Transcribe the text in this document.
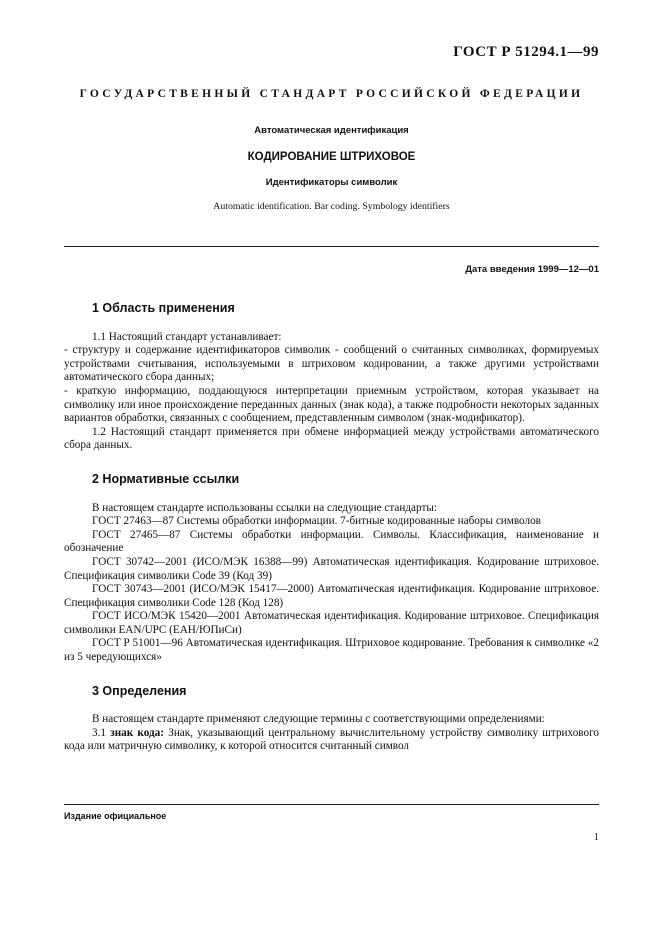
ГОСТ Р 51294.1—99
ГОСУДАРСТВЕННЫЙ СТАНДАРТ РОССИЙСКОЙ ФЕДЕРАЦИИ
Автоматическая идентификация
КОДИРОВАНИЕ ШТРИХОВОЕ
Идентификаторы символик
Automatic identification. Bar coding. Symbology identifiers
Дата введения 1999—12—01
1 Область применения

1.1 Настоящий стандарт устанавливает:

- структуру и содержание идентификаторов символик - сообщений о считанных символиках, формируемых устройствами считывания, используемыми в штриховом кодировании, а также другими устройствами автоматического сбора данных;

- краткую информацию, поддающуюся интерпретации приемным устройством, которая указывает на символику или иное происхождение переданных данных (знак кода), а также подробности некоторых заданных вариантов обработки, связанных с сообщением, представленным символом (знак-модификатор).

1.2 Настоящий стандарт применяется при обмене информацией между устройствами автоматического сбора данных.

2 Нормативные ссылки

В настоящем стандарте использованы ссылки на следующие стандарты:

ГОСТ 27463—87 Системы обработки информации. 7-битные кодированные наборы символов

ГОСТ 27465—87 Системы обработки информации. Символы. Классификация, наименование и обозначение

ГОСТ 30742—2001 (ИСО/МЭК 16388—99) Автоматическая идентификация. Кодирование штриховое. Спецификация символики Code 39 (Код 39)

ГОСТ 30743—2001 (ИСО/МЭК 15417—2000) Автоматическая идентификация. Кодирование штриховое. Спецификация символики Code 128 (Код 128)

ГОСТ ИСО/МЭК 15420—2001 Автоматическая идентификация. Кодирование штриховое. Спецификация символики EAN/UPC (ЕАН/ЮПиСи)

ГОСТ Р 51001—96 Автоматическая идентификация. Штриховое кодирование. Требования к символике «2 из 5 чередующихся»

3 Определения

В настоящем стандарте применяют следующие термины с соответствующими определениями:

3.1 знак кода: Знак, указывающий центральному вычислительному устройству символику штрихового кода или матричную символику, к которой относится считанный символ

Издание официальное
1
